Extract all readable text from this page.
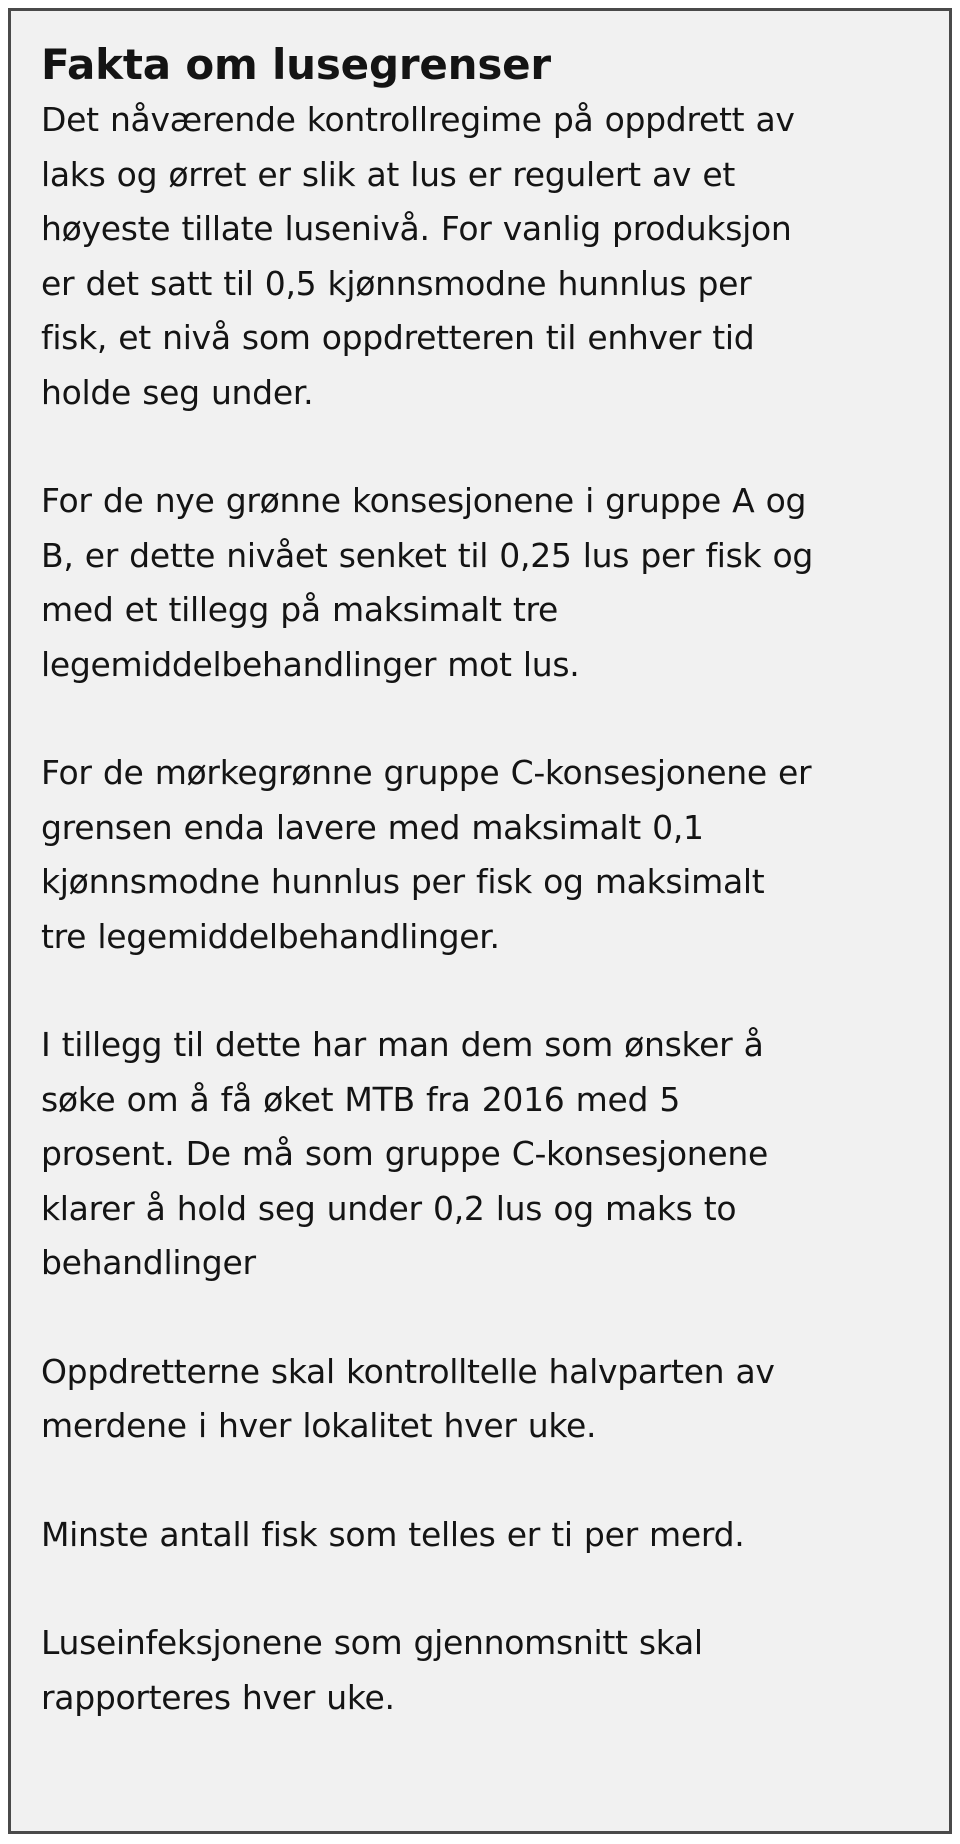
Fakta om lusegrenser

Det nåværende kontrollregime på oppdrett av
laks og ørret er slik at lus er regulert av et
høyeste tillate lusenivå. For vanlig produksjon
er det satt til 0,5 kjønnsmodne hunnlus per
fisk, et nivå som oppdretteren til enhver tid
holde seg under.

For de nye grønne konsesjonene i gruppe A og
B, er dette nivået senket til 0,25 lus per fisk og
med et tillegg på maksimalt tre
legemiddelbehandlinger mot lus.

For de mørkegrønne gruppe C-konsesjonene er
grensen enda lavere med maksimalt 0,1
kjønnsmodne hunnlus per fisk og maksimalt
tre legemiddelbehandlinger.

I tillegg til dette har man dem som ønsker å
søke om å få øket MTB fra 2016 med 5
prosent. De må som gruppe C-konsesjonene
klarer å hold seg under 0,2 lus og maks to
behandlinger

Oppdretterne skal kontrolltelle halvparten av
merdene i hver lokalitet hver uke.

Minste antall fisk som telles er ti per merd.

Luseinfeksjonene som gjennomsnitt skal
rapporteres hver uke.
